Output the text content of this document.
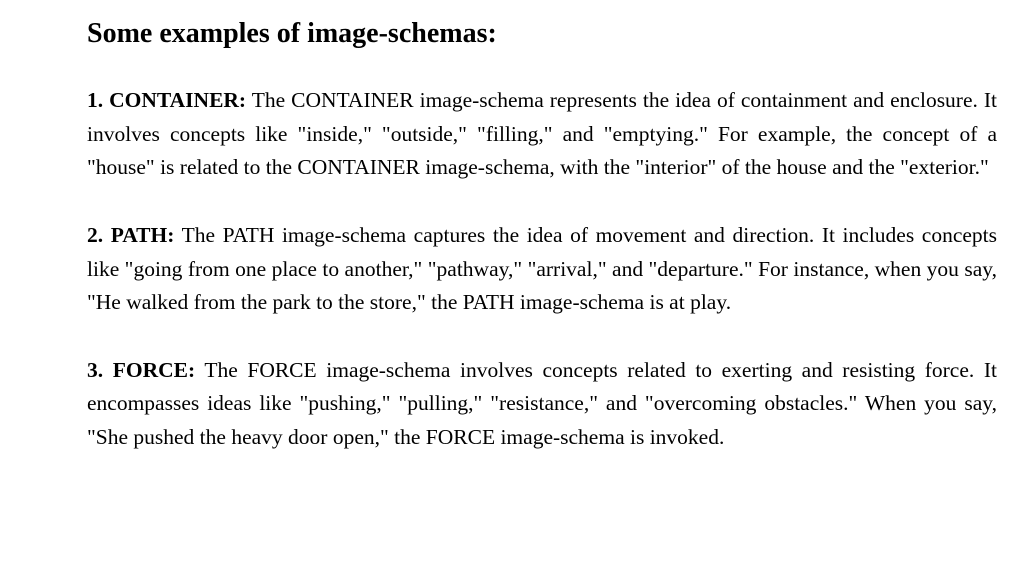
Some examples of image-schemas:

1. CONTAINER: The CONTAINER image-schema represents the idea of containment and enclosure. It involves concepts like "inside," "outside," "filling," and "emptying." For example, the concept of a "house" is related to the CONTAINER image-schema, with the "interior" of the house and the "exterior."

2. PATH: The PATH image-schema captures the idea of movement and direction. It includes concepts like "going from one place to another," "pathway," "arrival," and "departure." For instance, when you say, "He walked from the park to the store," the PATH image-schema is at play.

3. FORCE: The FORCE image-schema involves concepts related to exerting and resisting force. It encompasses ideas like "pushing," "pulling," "resistance," and "overcoming obstacles." When you say, "She pushed the heavy door open," the FORCE image-schema is invoked.
